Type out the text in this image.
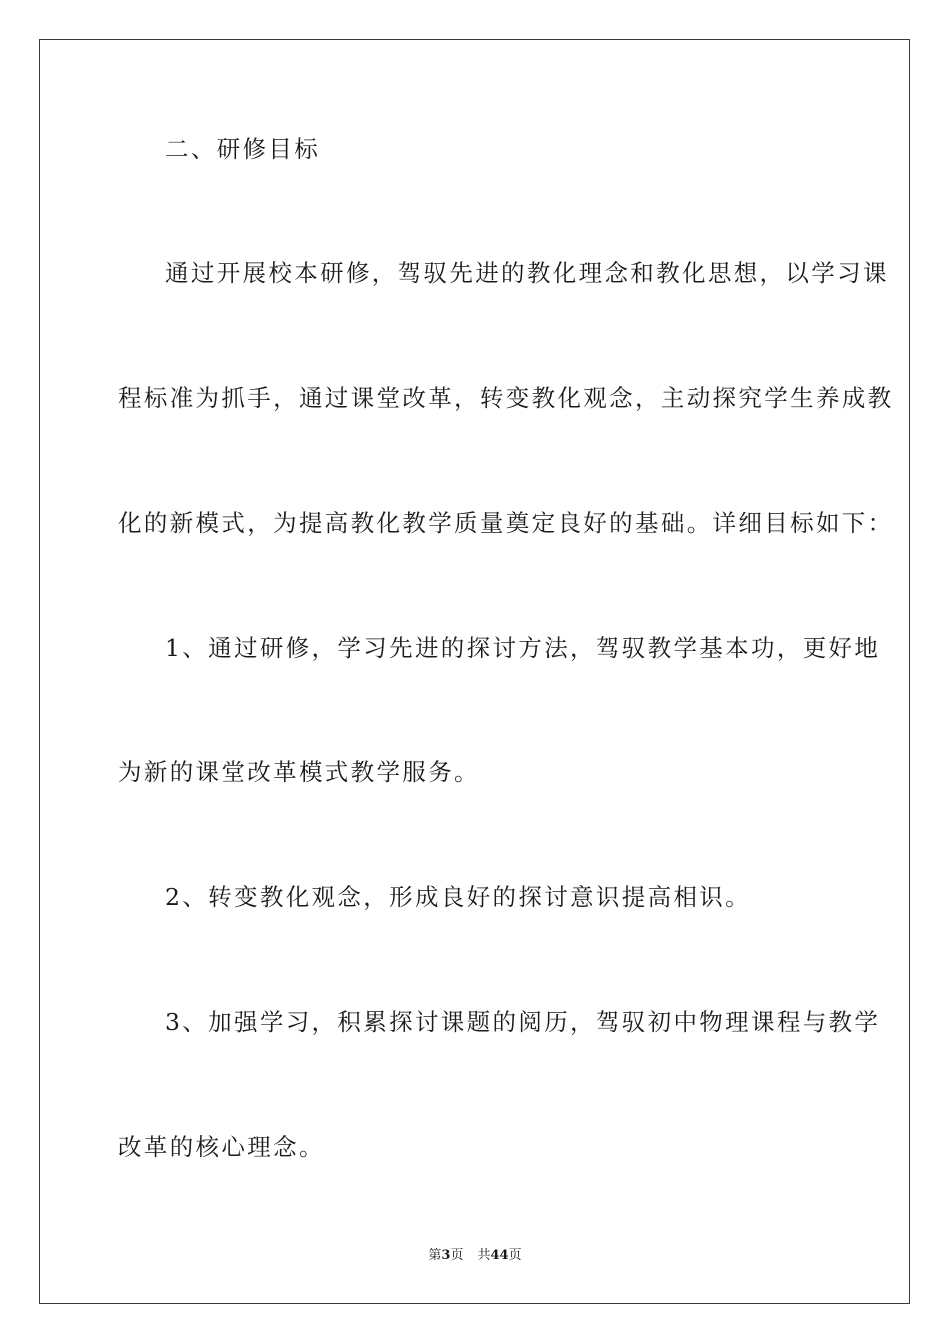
二、研修目标

通过开展校本研修，驾驭先进的教化理念和教化思想，以学习课

程标准为抓手，通过课堂改革，转变教化观念，主动探究学生养成教

化的新模式，为提高教化教学质量奠定良好的基础。详细目标如下：

1、通过研修，学习先进的探讨方法，驾驭教学基本功，更好地

为新的课堂改革模式教学服务。

2、转变教化观念，形成良好的探讨意识提高相识。

3、加强学习，积累探讨课题的阅历，驾驭初中物理课程与教学

改革的核心理念。

第3页 共44页
